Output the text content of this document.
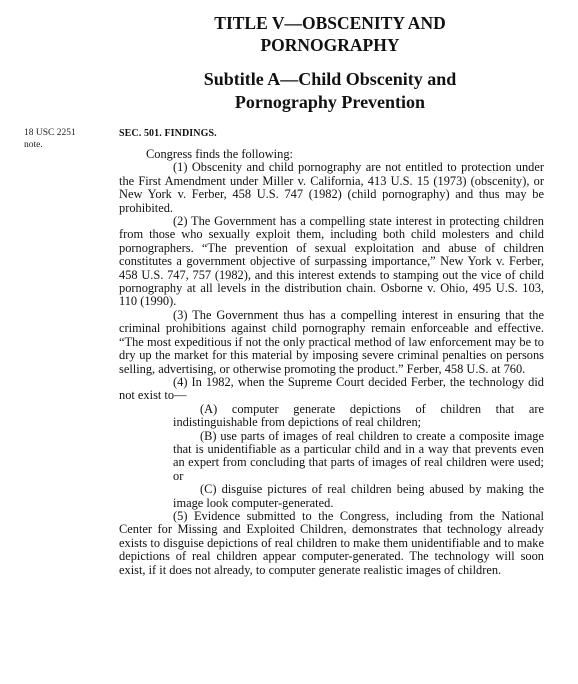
TITLE V—OBSCENITY AND
PORNOGRAPHY
Subtitle A—Child Obscenity and
Pornography Prevention
18 USC 2251
note.
SEC. 501. FINDINGS.

Congress finds the following:

(1) Obscenity and child pornography are not entitled to protection under the First Amendment under Miller v. California, 413 U.S. 15 (1973) (obscenity), or New York v. Ferber, 458 U.S. 747 (1982) (child pornography) and thus may be prohibited.

(2) The Government has a compelling state interest in protecting children from those who sexually exploit them, including both child molesters and child pornographers. “The prevention of sexual exploitation and abuse of children constitutes a government objective of surpassing importance,” New York v. Ferber, 458 U.S. 747, 757 (1982), and this interest extends to stamping out the vice of child pornography at all levels in the distribution chain. Osborne v. Ohio, 495 U.S. 103, 110 (1990).

(3) The Government thus has a compelling interest in ensuring that the criminal prohibitions against child pornography remain enforceable and effective. “The most expeditious if not the only practical method of law enforcement may be to dry up the market for this material by imposing severe criminal penalties on persons selling, advertising, or otherwise promoting the product.” Ferber, 458 U.S. at 760.

(4) In 1982, when the Supreme Court decided Ferber, the technology did not exist to—

(A) computer generate depictions of children that are indistinguishable from depictions of real children;

(B) use parts of images of real children to create a composite image that is unidentifiable as a particular child and in a way that prevents even an expert from concluding that parts of images of real children were used; or

(C) disguise pictures of real children being abused by making the image look computer-generated.

(5) Evidence submitted to the Congress, including from the National Center for Missing and Exploited Children, demonstrates that technology already exists to disguise depictions of real children to make them unidentifiable and to make depictions of real children appear computer-generated. The technology will soon exist, if it does not already, to computer generate realistic images of children.
